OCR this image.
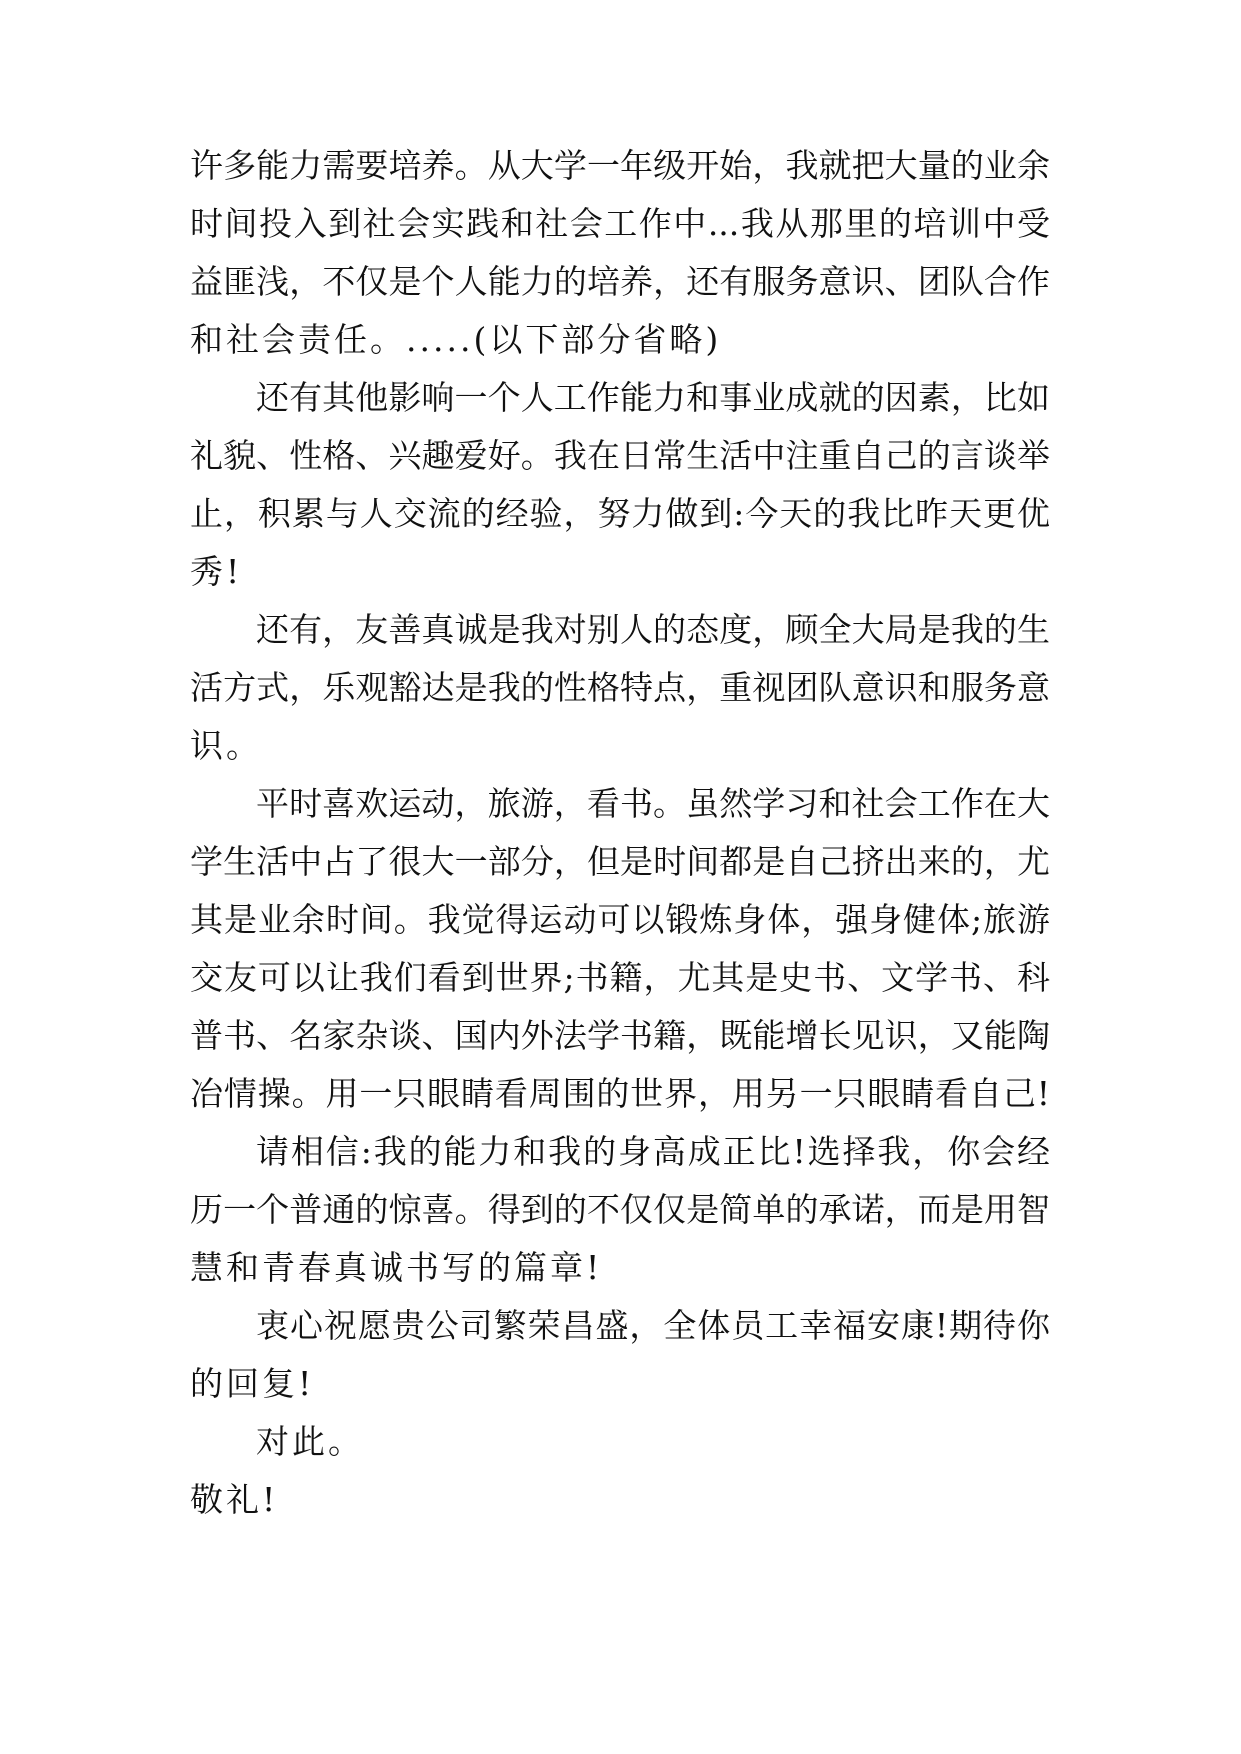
许多能力需要培养。从大学一年级开始，我就把大量的业余
时间投入到社会实践和社会工作中...我从那里的培训中受
益匪浅，不仅是个人能力的培养，还有服务意识、团队合作
和社会责任。.....(以下部分省略)
还有其他影响一个人工作能力和事业成就的因素，比如
礼貌、性格、兴趣爱好。我在日常生活中注重自己的言谈举
止，积累与人交流的经验，努力做到:今天的我比昨天更优
秀!
还有，友善真诚是我对别人的态度，顾全大局是我的生
活方式，乐观豁达是我的性格特点，重视团队意识和服务意
识。
平时喜欢运动，旅游，看书。虽然学习和社会工作在大
学生活中占了很大一部分，但是时间都是自己挤出来的，尤
其是业余时间。我觉得运动可以锻炼身体，强身健体;旅游
交友可以让我们看到世界;书籍，尤其是史书、文学书、科
普书、名家杂谈、国内外法学书籍，既能增长见识，又能陶
冶情操。用一只眼睛看周围的世界，用另一只眼睛看自己!
请相信:我的能力和我的身高成正比!选择我，你会经
历一个普通的惊喜。得到的不仅仅是简单的承诺，而是用智
慧和青春真诚书写的篇章!
衷心祝愿贵公司繁荣昌盛，全体员工幸福安康!期待你
的回复!
对此。
敬礼!
